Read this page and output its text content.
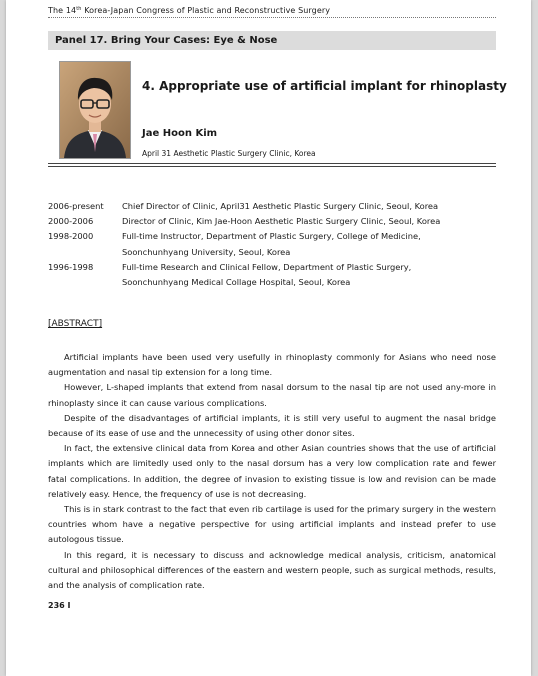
The 14th Korea-Japan Congress of Plastic and Reconstructive Surgery
Panel 17. Bring Your Cases: Eye & Nose
4. Appropriate use of artificial implant for rhinoplasty
Jae Hoon Kim
April 31 Aesthetic Plastic Surgery Clinic, Korea
2006-present	Chief Director of Clinic, April31 Aesthetic Plastic Surgery Clinic, Seoul, Korea
2000-2006	Director of Clinic, Kim Jae-Hoon Aesthetic Plastic Surgery Clinic, Seoul, Korea
1998-2000	Full-time Instructor, Department of Plastic Surgery, College of Medicine,
Soonchunhyang University, Seoul, Korea
1996-1998	Full-time Research and Clinical Fellow, Department of Plastic Surgery,
Soonchunhyang Medical Collage Hospital, Seoul, Korea
[ABSTRACT]

Artificial implants have been used very usefully in rhinoplasty commonly for Asians who need nose augmentation and nasal tip extension for a long time.

However, L-shaped implants that extend from nasal dorsum to the nasal tip are not used any-more in rhinoplasty since it can cause various complications.

Despite of the disadvantages of artificial implants, it is still very useful to augment the nasal bridge because of its ease of use and the unnecessity of using other donor sites.

In fact, the extensive clinical data from Korea and other Asian countries shows that the use of artificial implants which are limitedly used only to the nasal dorsum has a very low complication rate and fewer fatal complications. In addition, the degree of invasion to existing tissue is low and revision can be made relatively easy. Hence, the frequency of use is not decreasing.

This is in stark contrast to the fact that even rib cartilage is used for the primary surgery in the western countries whom have a negative perspective for using artificial implants and instead prefer to use autologous tissue.

In this regard, it is necessary to discuss and acknowledge medical analysis, criticism, anatomical cultural and philosophical differences of the eastern and western people, such as surgical methods, results, and the analysis of complication rate.

236 I
